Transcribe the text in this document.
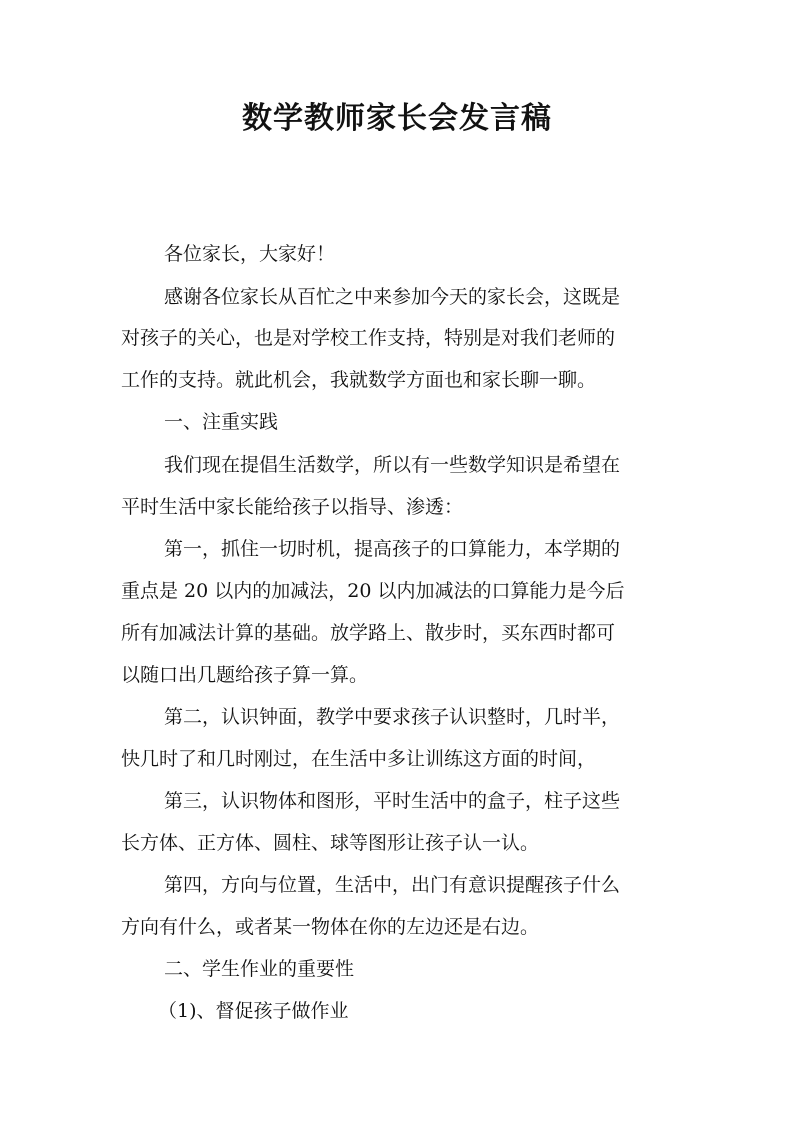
数学教师家长会发言稿

各位家长，大家好！

感谢各位家长从百忙之中来参加今天的家长会，这既是

对孩子的关心，也是对学校工作支持，特别是对我们老师的

工作的支持。就此机会，我就数学方面也和家长聊一聊。

一、注重实践

我们现在提倡生活数学，所以有一些数学知识是希望在

平时生活中家长能给孩子以指导、渗透：

第一，抓住一切时机，提高孩子的口算能力，本学期的

重点是 20 以内的加减法，20 以内加减法的口算能力是今后

所有加减法计算的基础。放学路上、散步时，买东西时都可

以随口出几题给孩子算一算。

第二，认识钟面，教学中要求孩子认识整时，几时半，

快几时了和几时刚过，在生活中多让训练这方面的时间，

第三，认识物体和图形，平时生活中的盒子，柱子这些

长方体、正方体、圆柱、球等图形让孩子认一认。

第四，方向与位置，生活中，出门有意识提醒孩子什么

方向有什么，或者某一物体在你的左边还是右边。

二、学生作业的重要性

（1)、督促孩子做作业
